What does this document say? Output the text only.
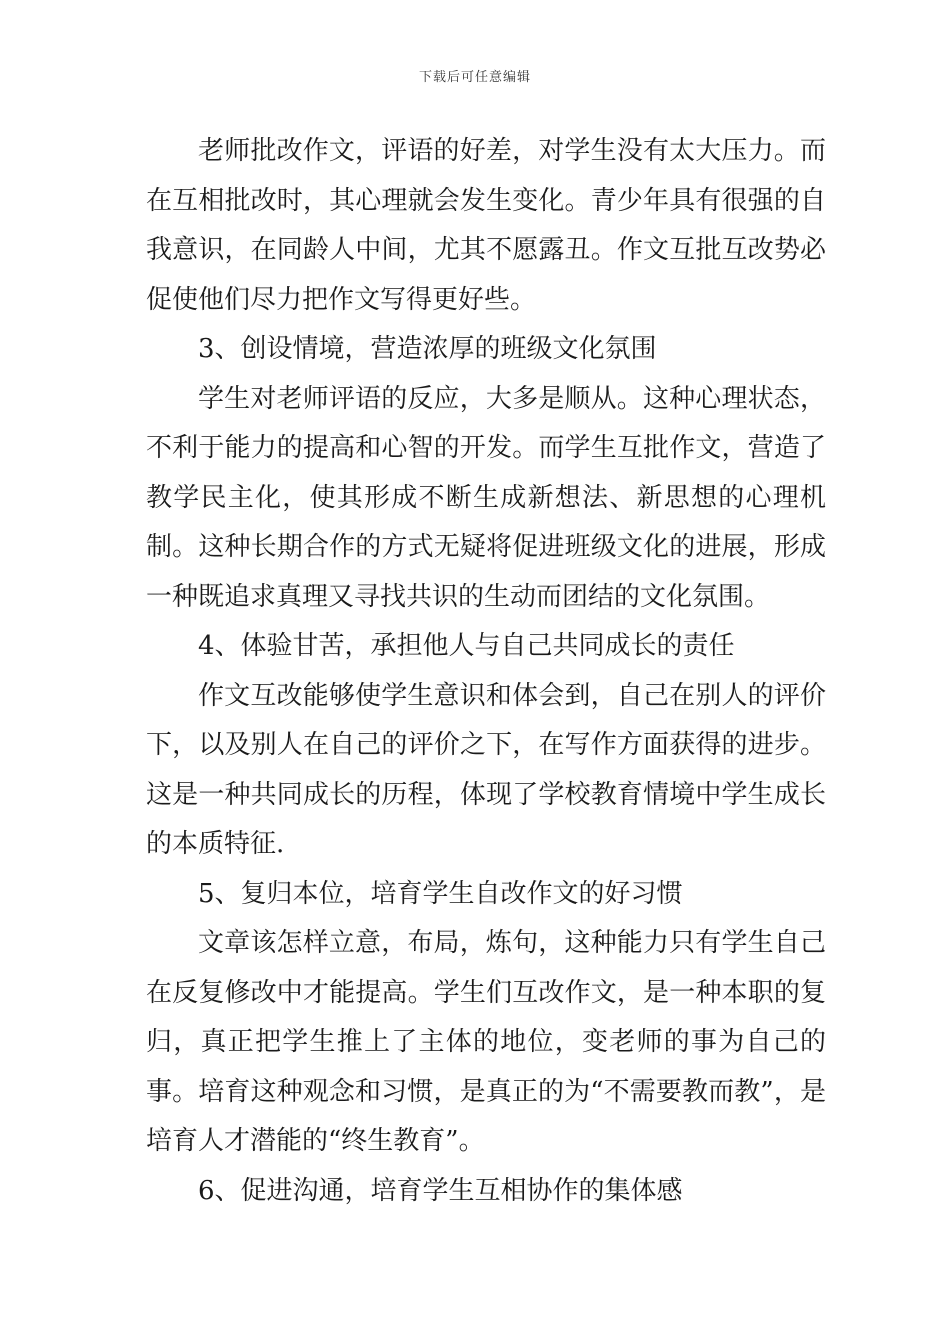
下载后可任意编辑

老师批改作文，评语的好差，对学生没有太大压力。而在互相批改时，其心理就会发生变化。青少年具有很强的自我意识，在同龄人中间，尤其不愿露丑。作文互批互改势必促使他们尽力把作文写得更好些。

3、创设情境，营造浓厚的班级文化氛围

学生对老师评语的反应，大多是顺从。这种心理状态，不利于能力的提高和心智的开发。而学生互批作文，营造了教学民主化，使其形成不断生成新想法、新思想的心理机制。这种长期合作的方式无疑将促进班级文化的进展，形成一种既追求真理又寻找共识的生动而团结的文化氛围。

4、体验甘苦，承担他人与自己共同成长的责任

作文互改能够使学生意识和体会到，自己在别人的评价下，以及别人在自己的评价之下，在写作方面获得的进步。这是一种共同成长的历程，体现了学校教育情境中学生成长的本质特征.

5、复归本位，培育学生自改作文的好习惯

文章该怎样立意，布局，炼句，这种能力只有学生自己在反复修改中才能提高。学生们互改作文，是一种本职的复归，真正把学生推上了主体的地位，变老师的事为自己的事。培育这种观念和习惯，是真正的为“不需要教而教”，是培育人才潜能的“终生教育”。

6、促进沟通，培育学生互相协作的集体感
